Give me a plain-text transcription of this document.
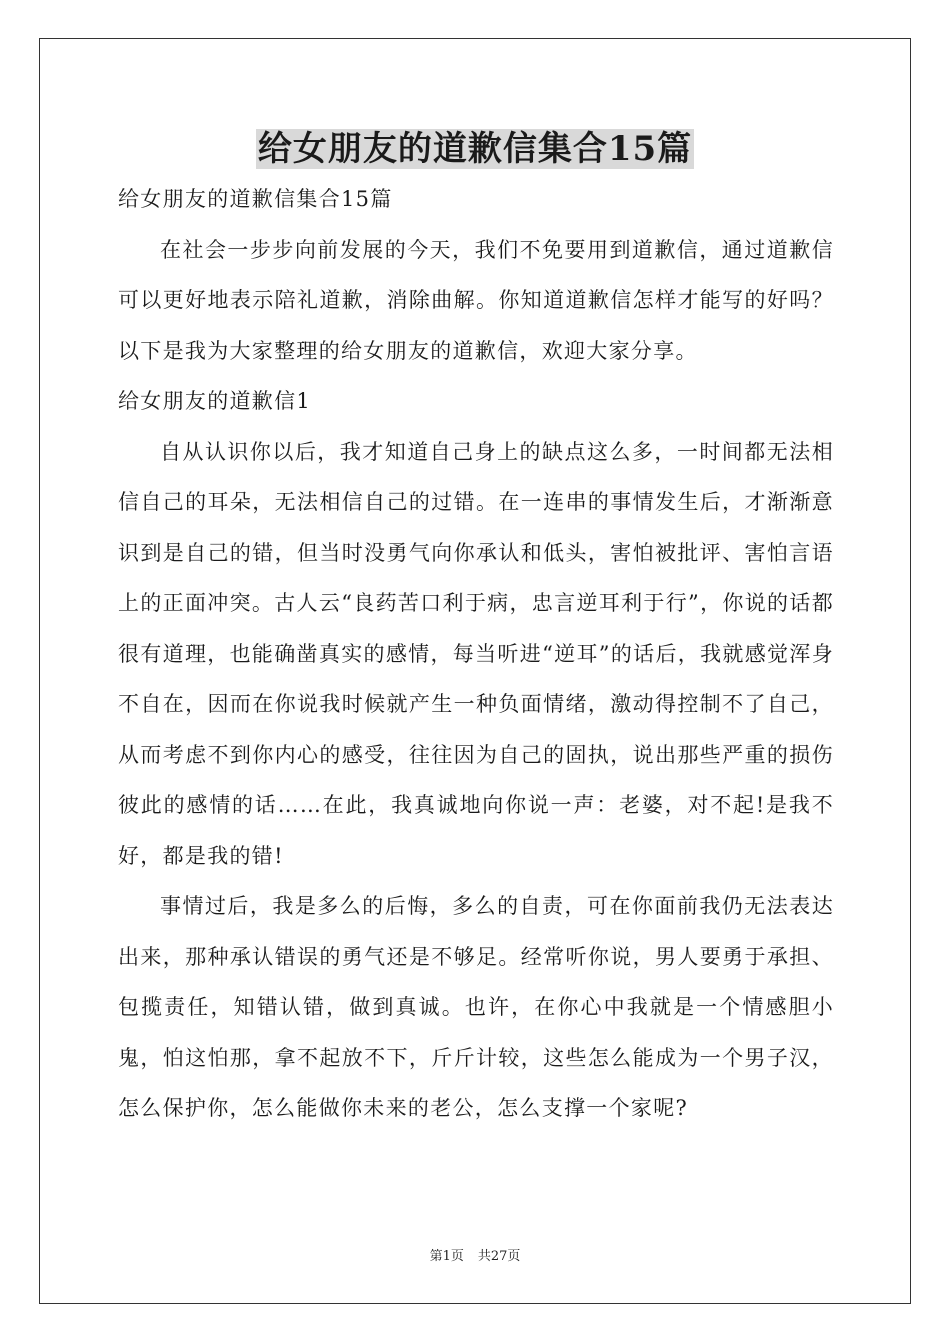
给女朋友的道歉信集合15篇

给女朋友的道歉信集合15篇

在社会一步步向前发展的今天，我们不免要用到道歉信，通过道歉信可以更好地表示陪礼道歉，消除曲解。你知道道歉信怎样才能写的好吗？以下是我为大家整理的给女朋友的道歉信，欢迎大家分享。

给女朋友的道歉信1

自从认识你以后，我才知道自己身上的缺点这么多，一时间都无法相信自己的耳朵，无法相信自己的过错。在一连串的事情发生后，才渐渐意识到是自己的错，但当时没勇气向你承认和低头，害怕被批评、害怕言语上的正面冲突。古人云“良药苦口利于病，忠言逆耳利于行”，你说的话都很有道理，也能确凿真实的感情，每当听进“逆耳”的话后，我就感觉浑身不自在，因而在你说我时候就产生一种负面情绪，激动得控制不了自己，从而考虑不到你内心的感受，往往因为自己的固执，说出那些严重的损伤彼此的感情的话……在此，我真诚地向你说一声：老婆，对不起!是我不好，都是我的错!

事情过后，我是多么的后悔，多么的自责，可在你面前我仍无法表达出来，那种承认错误的勇气还是不够足。经常听你说，男人要勇于承担、包揽责任，知错认错，做到真诚。也许，在你心中我就是一个情感胆小鬼，怕这怕那，拿不起放不下，斤斤计较，这些怎么能成为一个男子汉，怎么保护你，怎么能做你未来的老公，怎么支撑一个家呢?

第1页 共27页
